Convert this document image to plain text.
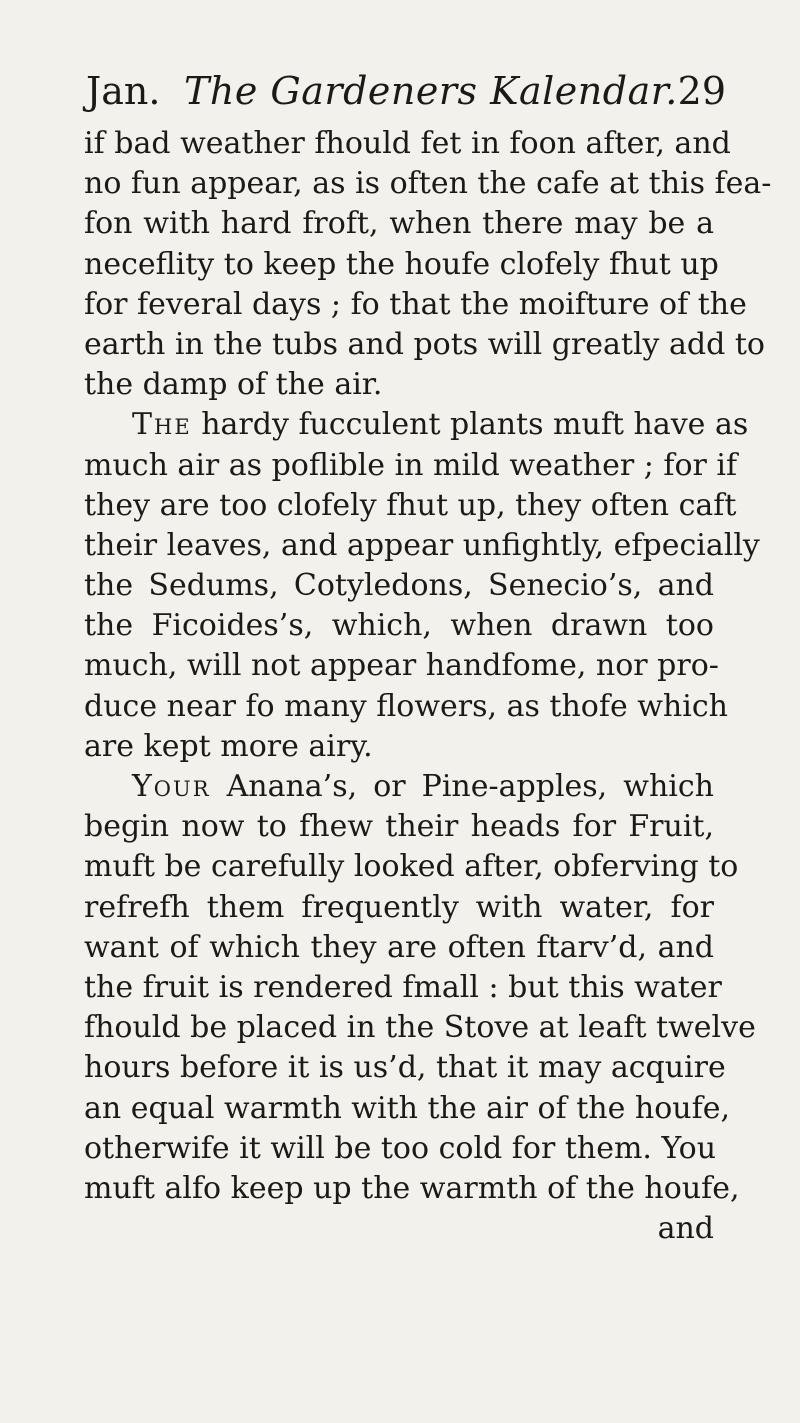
Jan. The Gardeners Kalendar. 29
if bad weather fhould fet in foon after, and
no fun appear, as is often the cafe at this fea-
fon with hard froft, when there may be a
neceflity to keep the houfe clofely fhut up
for feveral days ; fo that the moifture of the
earth in the tubs and pots will greatly add to
the damp of the air.
The hardy fucculent plants muft have as
much air as poflible in mild weather ; for if
they are too clofely fhut up, they often caft
their leaves, and appear unfightly, efpecially
the Sedums, Cotyledons, Senecio’s, and
the Ficoides’s, which, when drawn too
much, will not appear handfome, nor pro-
duce near fo many flowers, as thofe which
are kept more airy.
Your Anana’s, or Pine-apples, which
begin now to fhew their heads for Fruit,
muft be carefully looked after, obferving to
refrefh them frequently with water, for
want of which they are often ftarv’d, and
the fruit is rendered fmall : but this water
fhould be placed in the Stove at leaft twelve
hours before it is us’d, that it may acquire
an equal warmth with the air of the houfe,
otherwife it will be too cold for them. You
muft alfo keep up the warmth of the houfe,
and
